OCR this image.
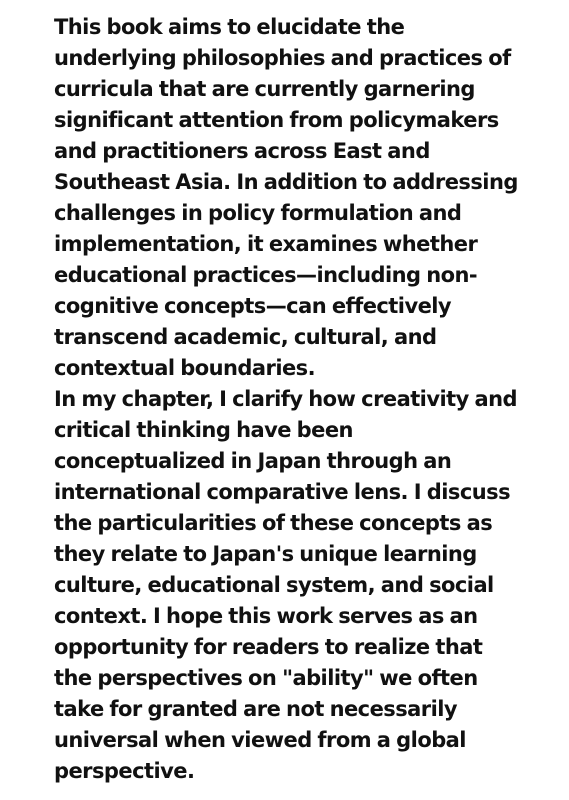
This book aims to elucidate the
underlying philosophies and practices of
curricula that are currently garnering
significant attention from policymakers
and practitioners across East and
Southeast Asia. In addition to addressing
challenges in policy formulation and
implementation, it examines whether
educational practices—including non-
cognitive concepts—can effectively
transcend academic, cultural, and
contextual boundaries.

In my chapter, I clarify how creativity and
critical thinking have been
conceptualized in Japan through an
international comparative lens. I discuss
the particularities of these concepts as
they relate to Japan's unique learning
culture, educational system, and social
context. I hope this work serves as an
opportunity for readers to realize that
the perspectives on "ability" we often
take for granted are not necessarily
universal when viewed from a global
perspective.
